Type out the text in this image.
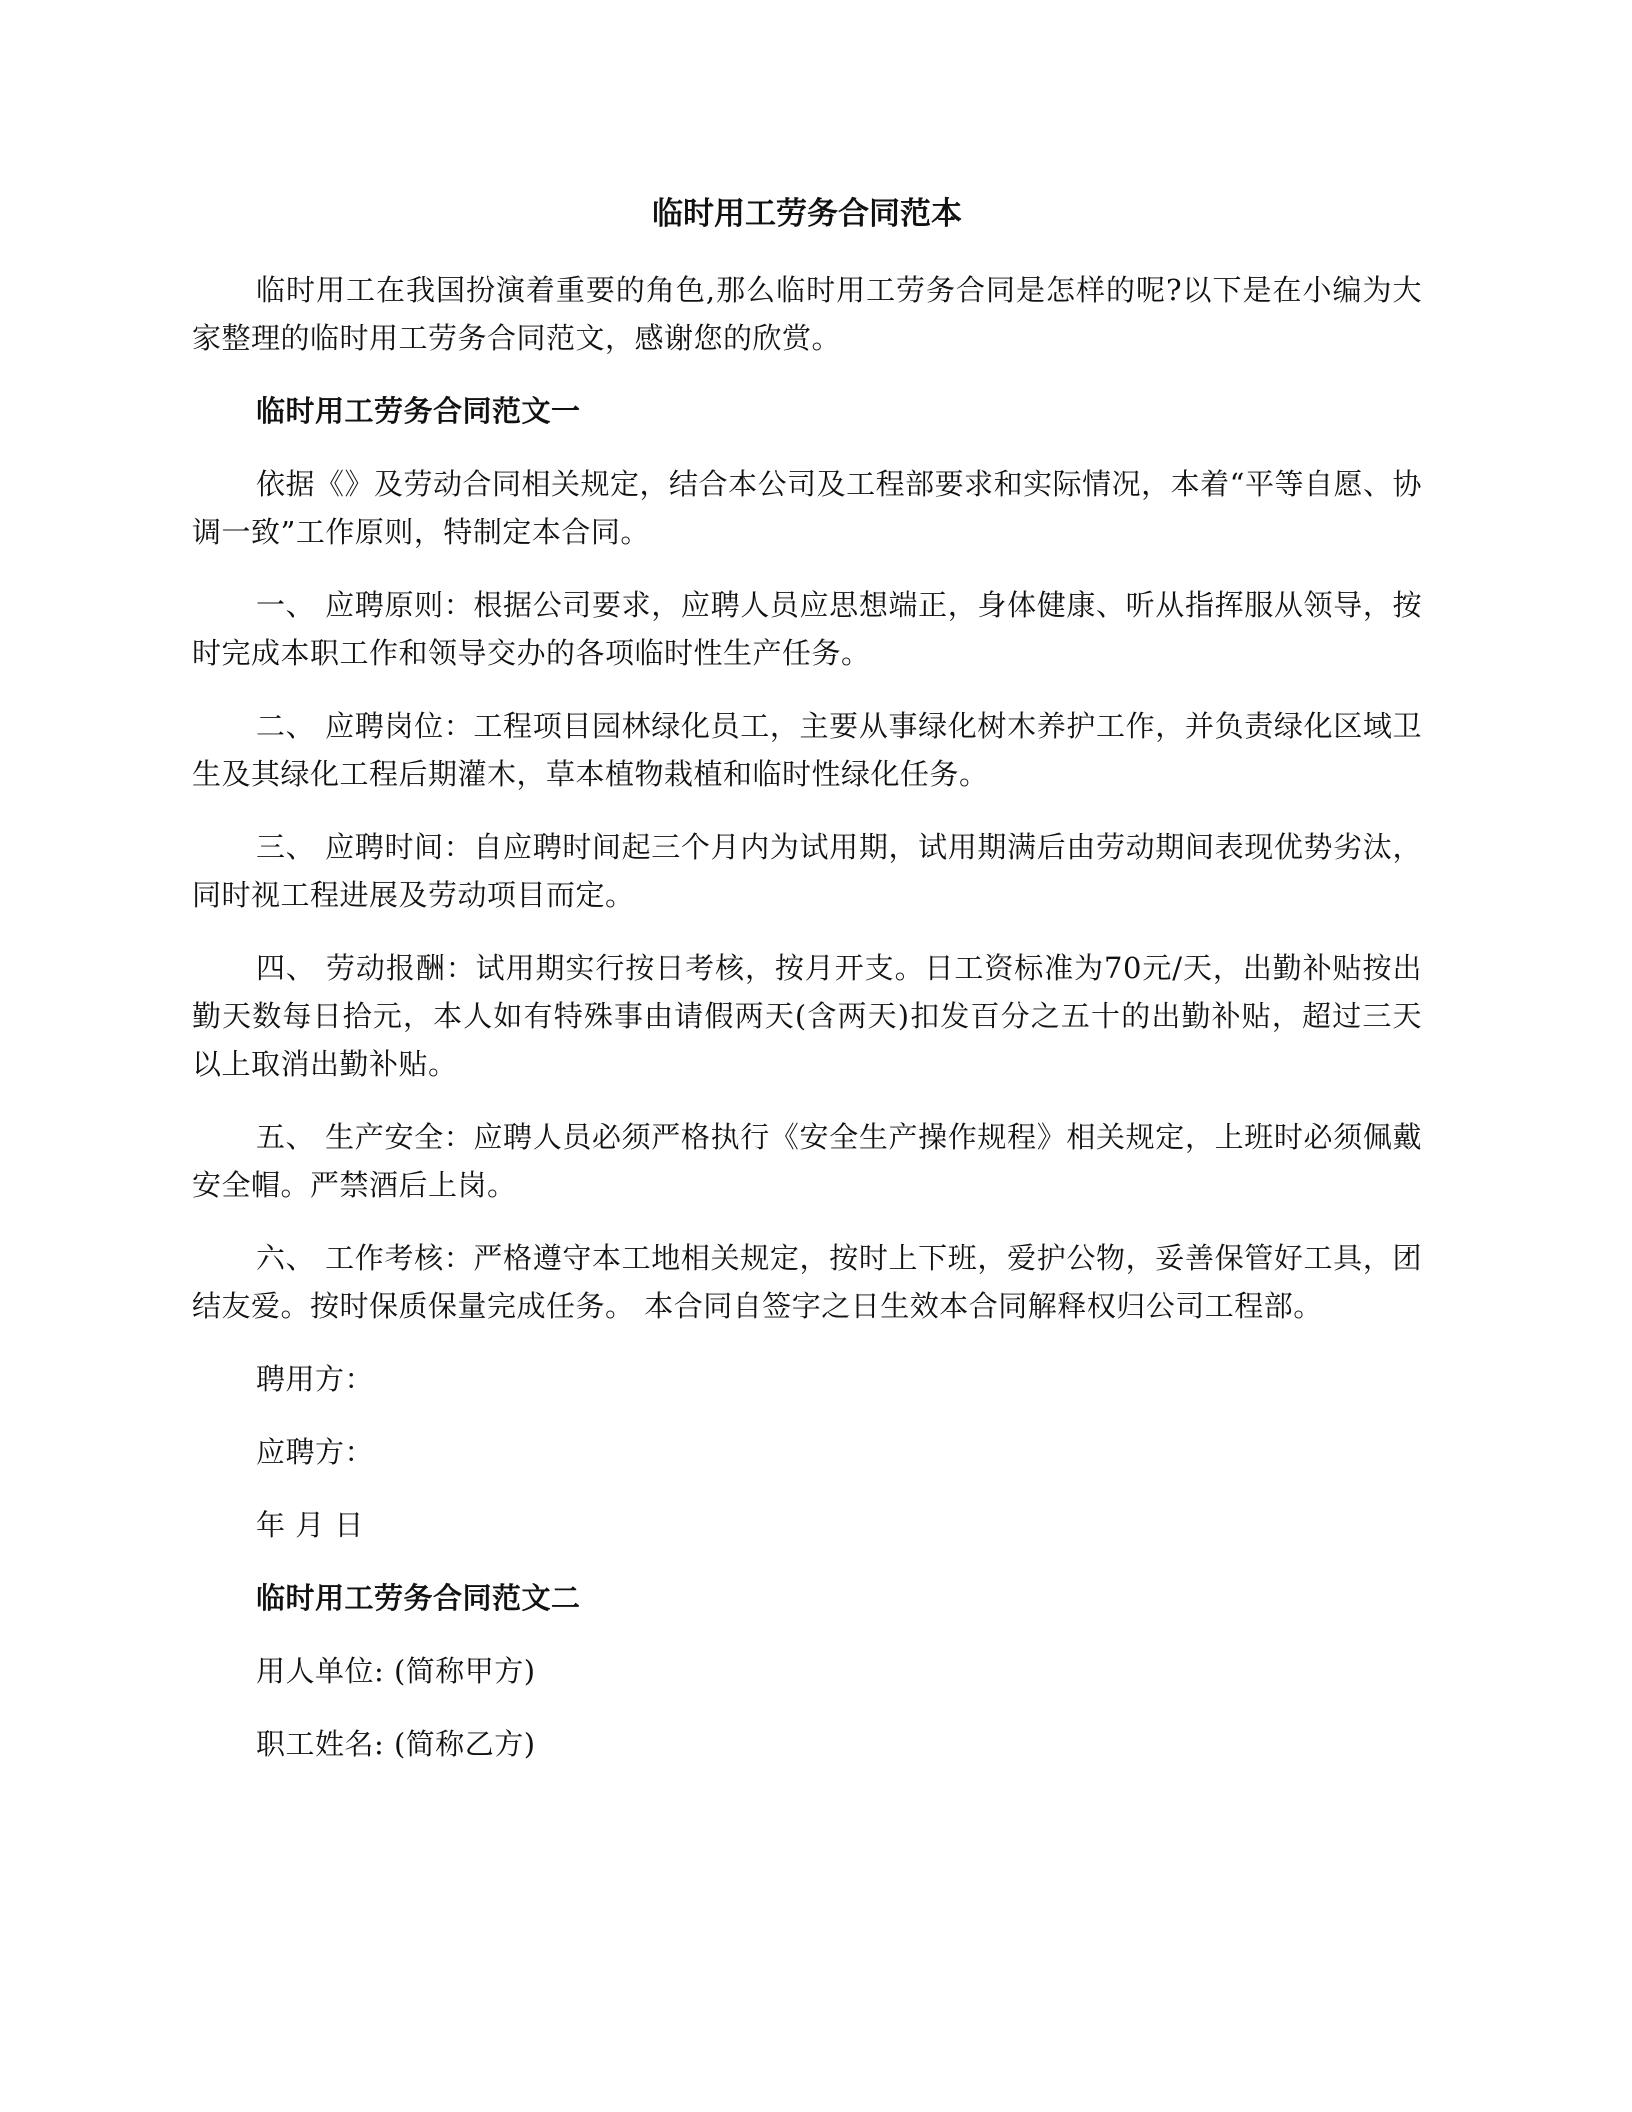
临时用工劳务合同范本

临时用工在我国扮演着重要的角色,那么临时用工劳务合同是怎样的呢?以下是在小编为大家整理的临时用工劳务合同范文，感谢您的欣赏。

临时用工劳务合同范文一

依据《》及劳动合同相关规定，结合本公司及工程部要求和实际情况，本着“平等自愿、协调一致”工作原则，特制定本合同。

一、 应聘原则：根据公司要求，应聘人员应思想端正，身体健康、听从指挥服从领导，按时完成本职工作和领导交办的各项临时性生产任务。

二、 应聘岗位：工程项目园林绿化员工，主要从事绿化树木养护工作，并负责绿化区域卫生及其绿化工程后期灌木，草本植物栽植和临时性绿化任务。

三、 应聘时间：自应聘时间起三个月内为试用期，试用期满后由劳动期间表现优势劣汰，同时视工程进展及劳动项目而定。

四、 劳动报酬：试用期实行按日考核，按月开支。日工资标准为70元/天，出勤补贴按出勤天数每日拾元，本人如有特殊事由请假两天(含两天)扣发百分之五十的出勤补贴，超过三天以上取消出勤补贴。

五、 生产安全：应聘人员必须严格执行《安全生产操作规程》相关规定，上班时必须佩戴安全帽。严禁酒后上岗。

六、 工作考核：严格遵守本工地相关规定，按时上下班，爱护公物，妥善保管好工具，团结友爱。按时保质保量完成任务。 本合同自签字之日生效本合同解释权归公司工程部。

聘用方：

应聘方：

年 月 日

临时用工劳务合同范文二

用人单位: (简称甲方)

职工姓名: (简称乙方)
